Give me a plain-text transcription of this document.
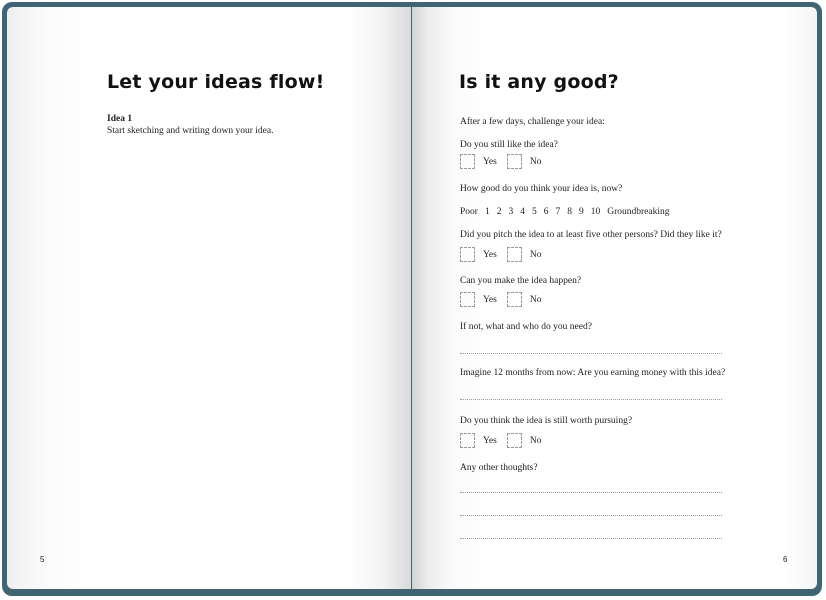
Let your ideas flow!
Idea 1
Start sketching and writing down your idea.
5
Is it any good?
After a few days, challenge your idea:
Do you still like the idea?
Yes	No
How good do you think your idea is, now?
Poor 1 2 3 4 5 6 7 8 9 10 Groundbreaking
Did you pitch the idea to at least five other persons? Did they like it?
Yes	No
Can you make the idea happen?
Yes	No
If not, what and who do you need?
Imagine 12 months from now: Are you earning money with this idea?
Do you think the idea is still worth pursuing?
Yes	No
Any other thoughts?
6
